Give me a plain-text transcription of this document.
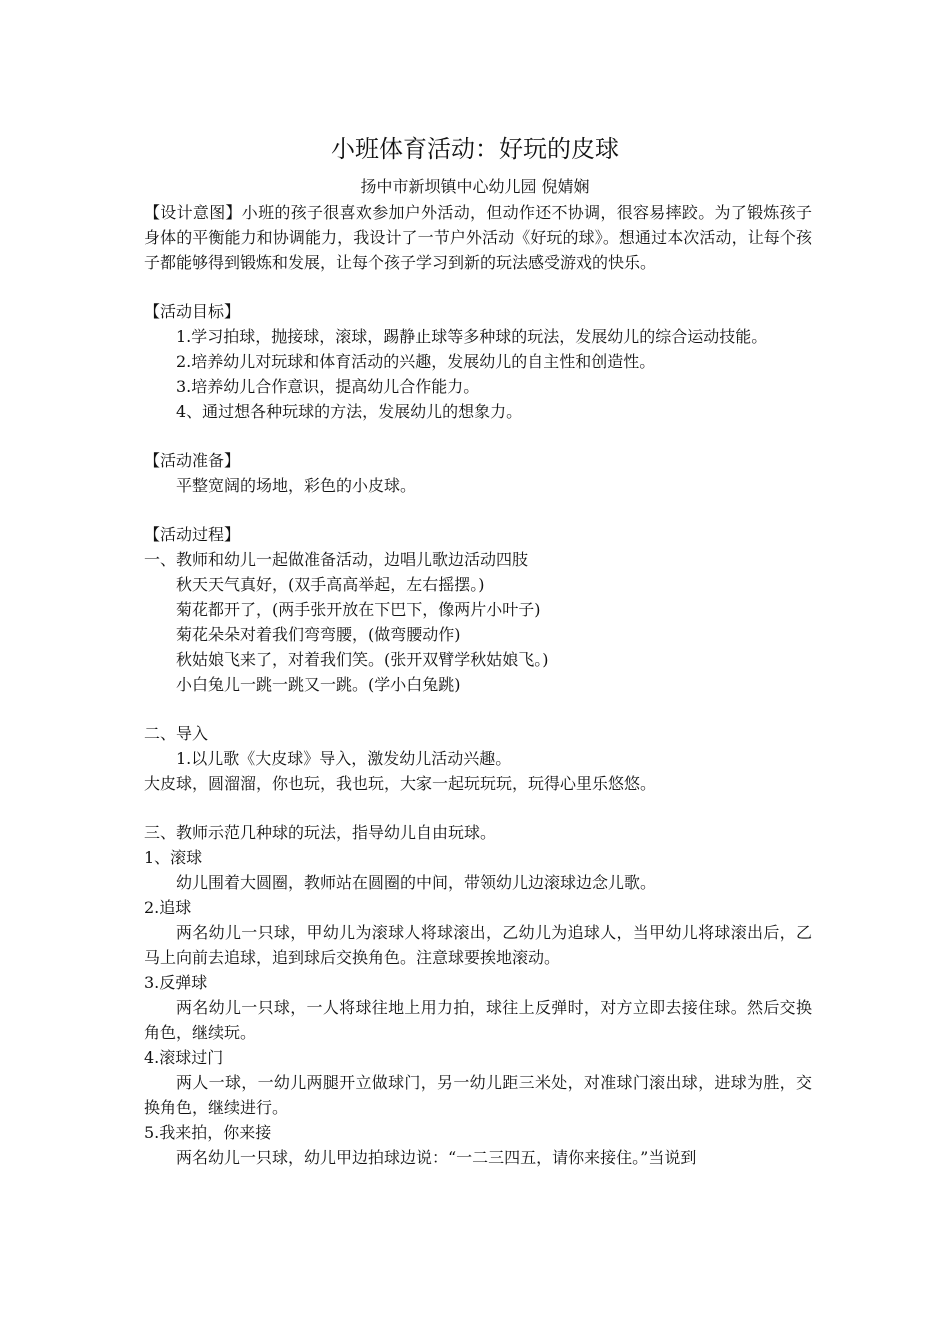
小班体育活动：好玩的皮球
扬中市新坝镇中心幼儿园 倪婧娴

【设计意图】小班的孩子很喜欢参加户外活动，但动作还不协调，很容易摔跤。为了锻炼孩子身体的平衡能力和协调能力，我设计了一节户外活动《好玩的球》。想通过本次活动，让每个孩子都能够得到锻炼和发展，让每个孩子学习到新的玩法感受游戏的快乐。

【活动目标】

1.学习拍球，抛接球，滚球，踢静止球等多种球的玩法，发展幼儿的综合运动技能。

2.培养幼儿对玩球和体育活动的兴趣，发展幼儿的自主性和创造性。

3.培养幼儿合作意识，提高幼儿合作能力。

4、通过想各种玩球的方法，发展幼儿的想象力。

【活动准备】

平整宽阔的场地，彩色的小皮球。

【活动过程】

一、教师和幼儿一起做准备活动，边唱儿歌边活动四肢

秋天天气真好，(双手高高举起，左右摇摆。)

菊花都开了，(两手张开放在下巴下，像两片小叶子)

菊花朵朵对着我们弯弯腰，(做弯腰动作)

秋姑娘飞来了，对着我们笑。(张开双臂学秋姑娘飞。)

小白兔儿一跳一跳又一跳。(学小白兔跳)

二、导入

1.以儿歌《大皮球》导入，激发幼儿活动兴趣。

大皮球，圆溜溜，你也玩，我也玩，大家一起玩玩玩，玩得心里乐悠悠。

三、教师示范几种球的玩法，指导幼儿自由玩球。

1、滚球

幼儿围着大圆圈，教师站在圆圈的中间，带领幼儿边滚球边念儿歌。

2.追球

两名幼儿一只球，甲幼儿为滚球人将球滚出，乙幼儿为追球人，当甲幼儿将球滚出后，乙马上向前去追球，追到球后交换角色。注意球要挨地滚动。

3.反弹球

两名幼儿一只球，一人将球往地上用力拍，球往上反弹时，对方立即去接住球。然后交换角色，继续玩。

4.滚球过门

两人一球，一幼儿两腿开立做球门，另一幼儿距三米处，对准球门滚出球，进球为胜，交换角色，继续进行。

5.我来拍，你来接

两名幼儿一只球，幼儿甲边拍球边说：“一二三四五，请你来接住。”当说到
